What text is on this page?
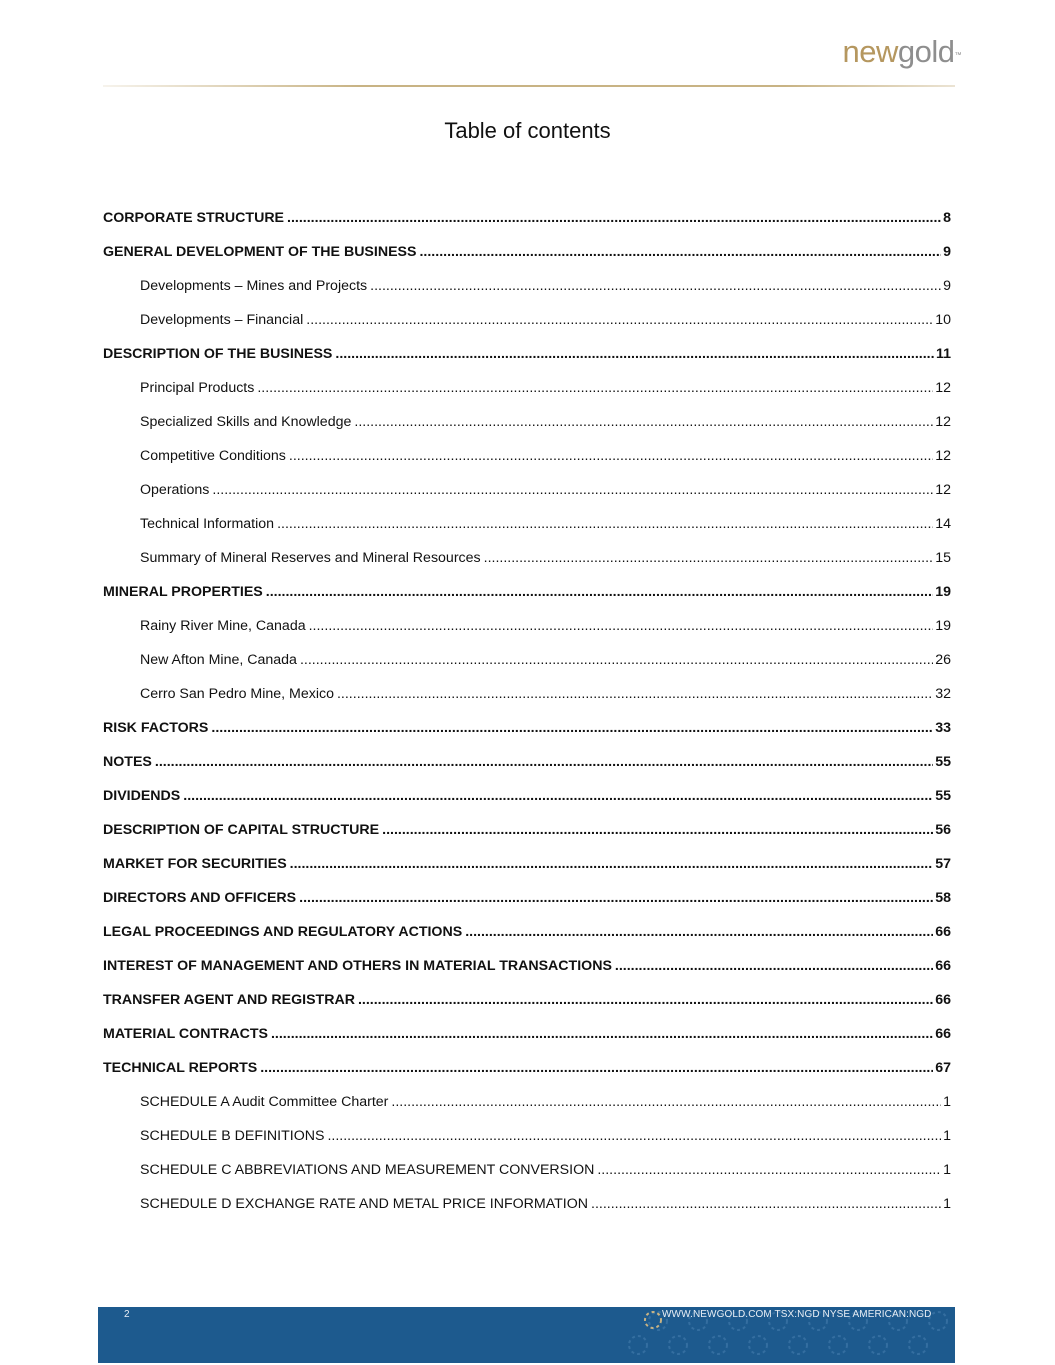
newgold™
Table of contents
CORPORATE STRUCTURE .....	8
GENERAL DEVELOPMENT OF THE BUSINESS .....	9
Developments – Mines and Projects .....	9
Developments – Financial .....	10
DESCRIPTION OF THE BUSINESS .....	11
Principal Products .....	12
Specialized Skills and Knowledge .....	12
Competitive Conditions .....	12
Operations .....	12
Technical Information .....	14
Summary of Mineral Reserves and Mineral Resources .....	15
MINERAL PROPERTIES .....	19
Rainy River Mine, Canada .....	19
New Afton Mine, Canada .....	26
Cerro San Pedro Mine, Mexico .....	32
RISK FACTORS .....	33
NOTES .....	55
DIVIDENDS .....	55
DESCRIPTION OF CAPITAL STRUCTURE .....	56
MARKET FOR SECURITIES .....	57
DIRECTORS AND OFFICERS .....	58
LEGAL PROCEEDINGS AND REGULATORY ACTIONS .....	66
INTEREST OF MANAGEMENT AND OTHERS IN MATERIAL TRANSACTIONS .....	66
TRANSFER AGENT AND REGISTRAR .....	66
MATERIAL CONTRACTS .....	66
TECHNICAL REPORTS .....	67
SCHEDULE A Audit Committee Charter .....	1
SCHEDULE B DEFINITIONS .....	1
SCHEDULE C ABBREVIATIONS AND MEASUREMENT CONVERSION .....	1
SCHEDULE D EXCHANGE RATE AND METAL PRICE INFORMATION .....	1
2	WWW.NEWGOLD.COM TSX:NGD NYSE AMERICAN:NGD
